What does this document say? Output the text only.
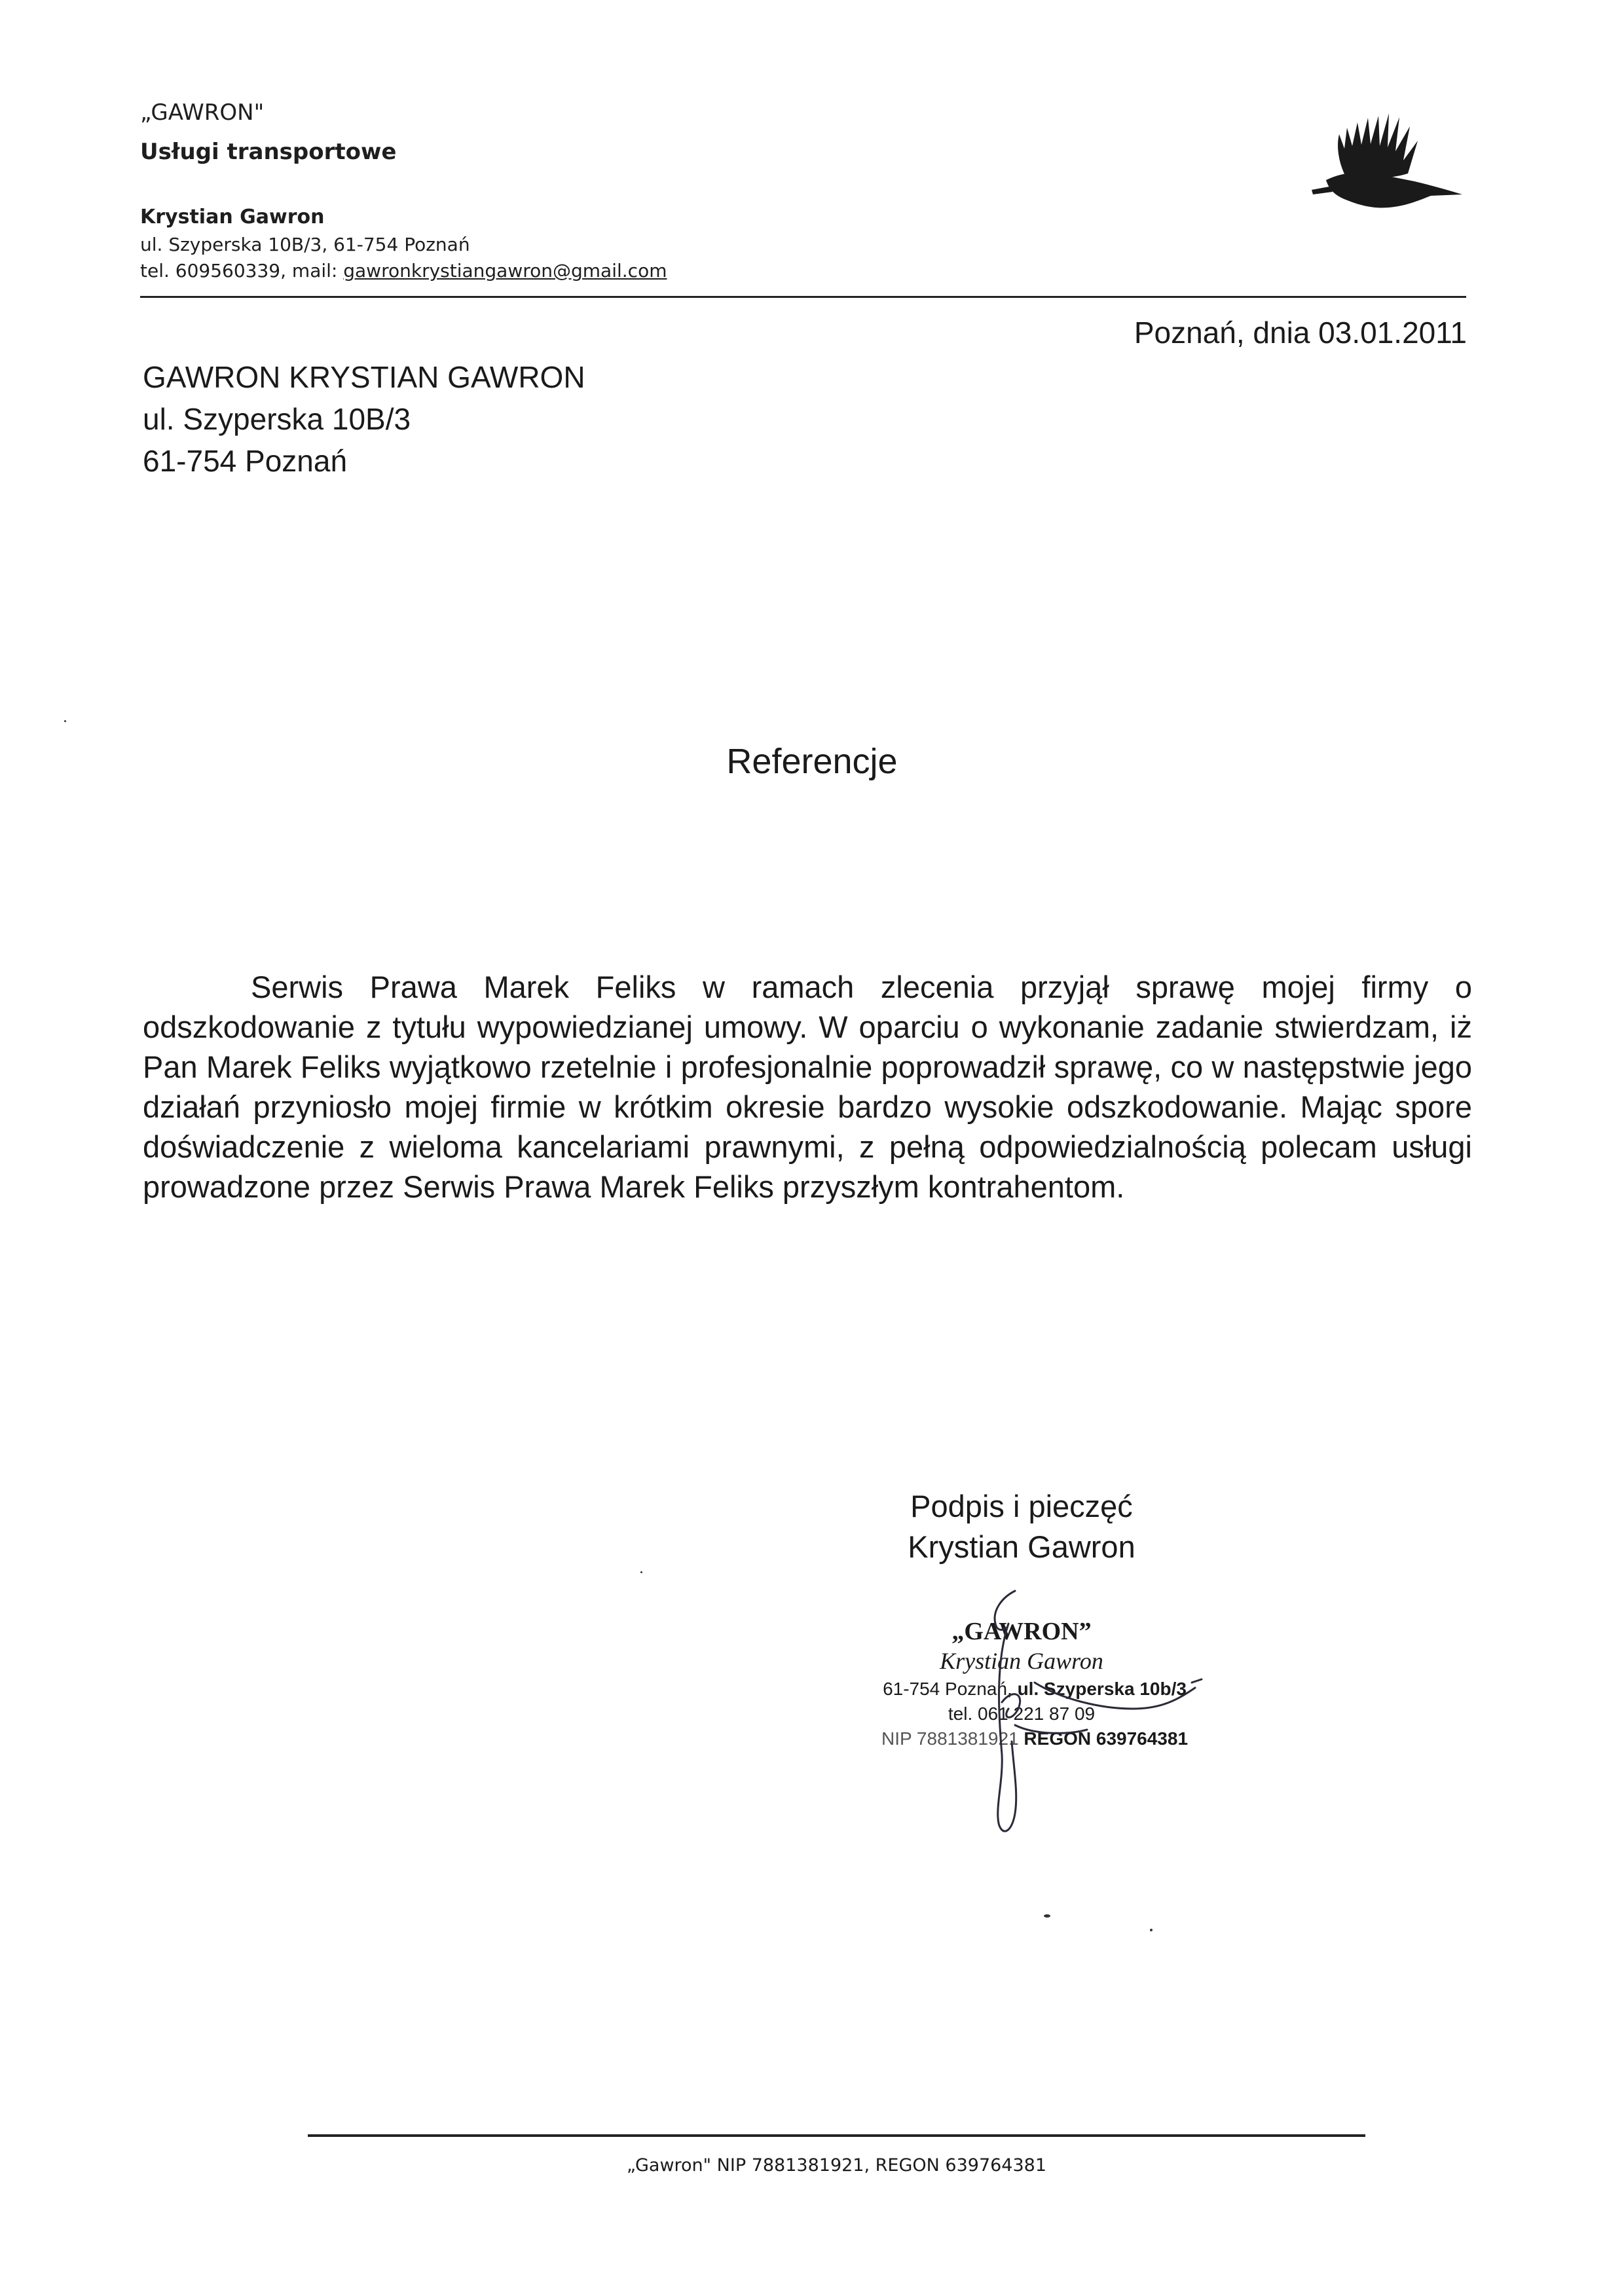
„GAWRON"
Usługi transportowe
Krystian Gawron
ul. Szyperska 10B/3, 61-754 Poznań
tel. 609560339, mail: gawronkrystiangawron@gmail.com
Poznań, dnia 03.01.2011
GAWRON KRYSTIAN GAWRON
ul. Szyperska 10B/3
61-754 Poznań
Referencje
Serwis Prawa Marek Feliks w ramach zlecenia przyjął sprawę mojej firmy o odszkodowanie z tytułu wypowiedzianej umowy. W oparciu o wykonanie zadanie stwierdzam, iż Pan Marek Feliks wyjątkowo rzetelnie i profesjonalnie poprowadził sprawę, co w następstwie jego działań przyniosło mojej firmie w krótkim okresie bardzo wysokie odszkodowanie. Mając spore doświadczenie z wieloma kancelariami prawnymi, z pełną odpowiedzialnością polecam usługi prowadzone przez Serwis Prawa Marek Feliks przyszłym kontrahentom.
Podpis i pieczęć
Krystian Gawron
„GAWRON”
Krystian Gawron
61-754 Poznań, ul. Szyperska 10b/3
tel. 061 221 87 09
NIP 7881381921 REGON 639764381
„Gawron" NIP 7881381921, REGON 639764381
